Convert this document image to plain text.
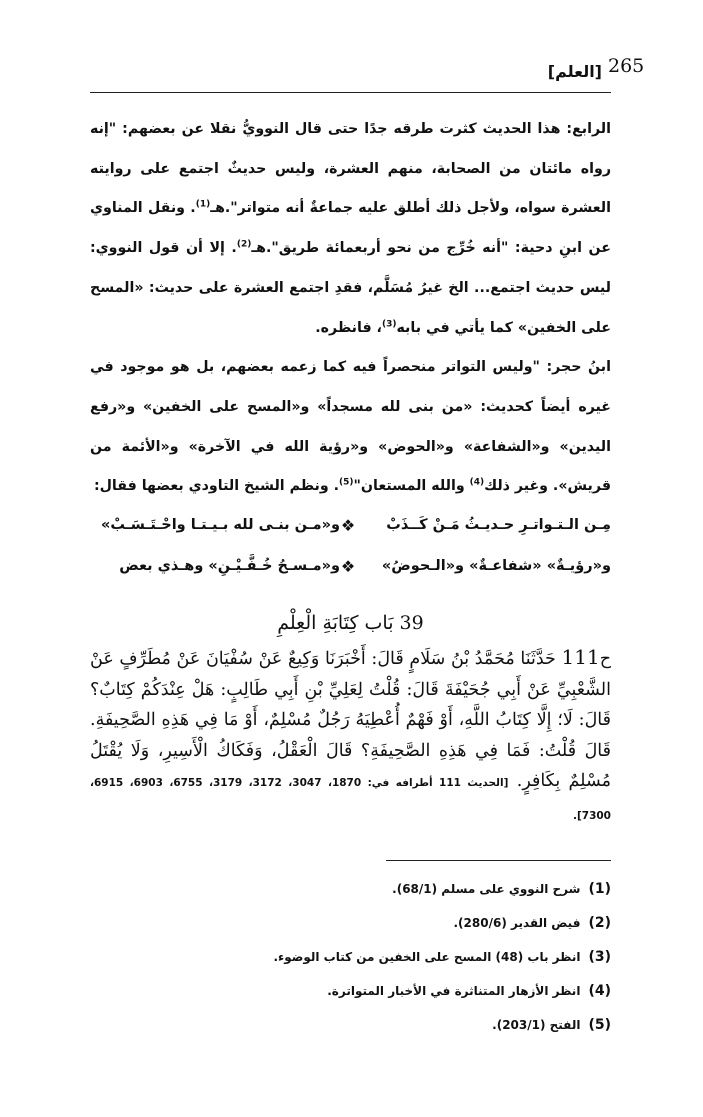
265
[العلم]

الرابع: هذا الحديث كثرت طرقه جدًا حتى قال النوويُّ نقلا عن بعضهم: "إنه رواه مائتان من الصحابة، منهم العشرة، وليس حديثٌ اجتمع على روايته العشرة سواه، ولأجل ذلك أطلق عليه جماعةٌ أنه متواتر".هـ$^{(1)}$. ونقل المناوي عن ابنِ دحية: "أنه خُرِّج من نحو أربعمائة طريق".هـ$^{(2)}$. إلا أن قول النووي: ليس حديث اجتمع... الخ غيرُ مُسَلَّم، فقدِ اجتمع العشرة على حديث: «المسح على الخفين» كما يأتي في بابه$^{(3)}$، فانظره.

ابنُ حجر: "وليس التواتر منحصراً فيه كما زعمه بعضهم، بل هو موجود في غيره أيضاً كحديث: «من بنى لله مسجداً» و«المسح على الخفين» و«رفع اليدين» و«الشفاعة» و«الحوض» و«رؤية الله في الآخرة» و«الأئمة من قريش». وغير ذلك$^{(4)}$ والله المستعان"$^{(5)}$. ونظم الشيخ التاودي بعضها فقال:

مِـن الـتـواتـرِ حـديـثُ مَـنْ كَــذَبْ
❖
و«مـن بنـى لله بـيـتـا واحْـتَـسَـبْ»
و«رؤيـةٌ» «شفاعـةٌ» و«الـحوضُ»
❖
و«مـسـحُ خُـفَّـيْـنِ» وهـذي بعض
39 بَاب كِتَابَةِ الْعِلْمِ

ح111 حَدَّثَنَا مُحَمَّدُ بْنُ سَلَامٍ قَالَ: أَخْبَرَنَا وَكِيعٌ عَنْ سُفْيَانَ عَنْ مُطَرِّفٍ عَنْ الشَّعْبِيِّ عَنْ أَبِي جُحَيْفَةَ قَالَ: قُلْتُ لِعَلِيِّ بْنِ أَبِي طَالِبٍ: هَلْ عِنْدَكُمْ كِتَابٌ؟ قَالَ: لَا؛ إِلَّا كِتَابُ اللَّهِ، أَوْ فَهْمٌ أُعْطِيَهُ رَجُلٌ مُسْلِمٌ، أَوْ مَا فِي هَذِهِ الصَّحِيفَةِ. قَالَ قُلْتُ: فَمَا فِي هَذِهِ الصَّحِيفَةِ؟ قَالَ الْعَقْلُ، وَفَكَاكُ الْأَسِيرِ، وَلَا يُقْتَلُ مُسْلِمٌ بِكَافِرٍ. [الحديث 111 أطرافه في: 1870، 3047، 3172، 3179، 6755، 6903، 6915، 7300].

(1)شرح النووي على مسلم (68/1).
(2)فيض القدير (280/6).
(3)انظر باب (48) المسح على الخفين من كتاب الوضوء.
(4)انظر الأزهار المتناثرة في الأخبار المتواترة.
(5)الفتح (203/1).
